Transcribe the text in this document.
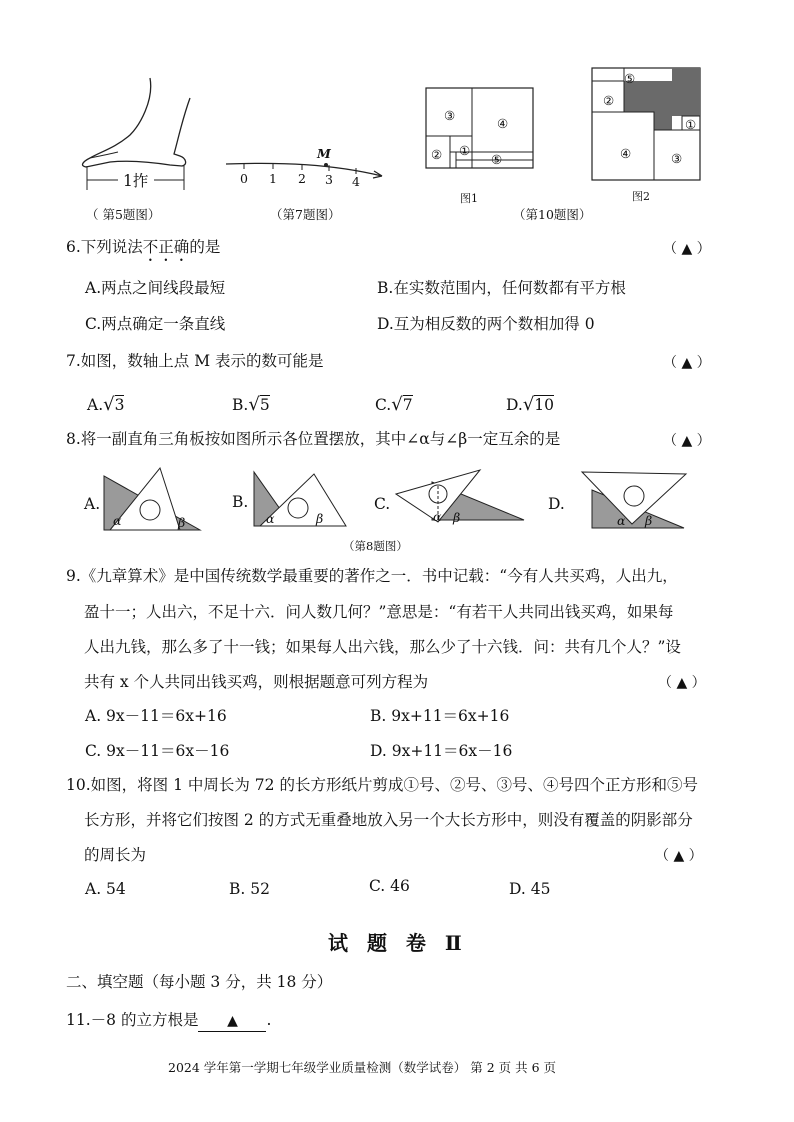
1拃
（ 第5题图）
0 1 2 3 4
M
（第7题图）
③
④
② ①
⑤
图1
⑤
②
①
④	③
图2
（第10题图）
6.下列说法不正确的是	（ ▲ ）
A.两点之间线段最短	B.在实数范围内，任何数都有平方根
C.两点确定一条直线	D.互为相反数的两个数相加得 0
7.如图，数轴上点 M 表示的数可能是	（ ▲ ）
A.√3	B.√5	C.√7	D.√10
8.将一副直角三角板按如图所示各位置摆放，其中∠α与∠β一定互余的是	（ ▲ ）
A.	B.	C.	D.
α	β	α	β	α β	α β
（第8题图）
9.《九章算术》是中国传统数学最重要的著作之一．书中记载：“今有人共买鸡，人出九，
盈十一；人出六，不足十六．问人数几何？”意思是：“有若干人共同出钱买鸡，如果每
人出九钱，那么多了十一钱；如果每人出六钱，那么少了十六钱．问：共有几个人？”设
共有 x 个人共同出钱买鸡，则根据题意可列方程为	（ ▲ ）
A. 9x－11＝6x+16	B. 9x+11＝6x+16
C. 9x－11＝6x－16	D. 9x+11＝6x－16
10.如图，将图 1 中周长为 72 的长方形纸片剪成①号、②号、③号、④号四个正方形和⑤号
长方形，并将它们按图 2 的方式无重叠地放入另一个大长方形中，则没有覆盖的阴影部分
的周长为	（ ▲ ）
A. 54	B. 52	C. 46	D. 45
试 题 卷 Ⅱ
二、填空题（每小题 3 分，共 18 分）
11.－8 的立方根是 ▲ .
2024 学年第一学期七年级学业质量检测（数学试卷） 第 2 页 共 6 页
